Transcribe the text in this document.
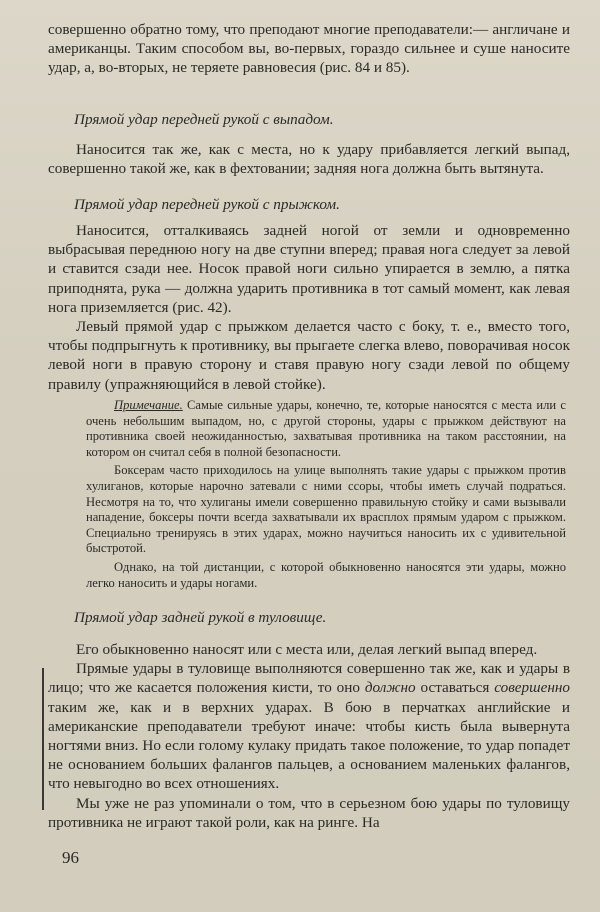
совершенно обратно тому, что преподают многие преподаватели:— англичане и американцы. Таким способом вы, во-первых, гораздо сильнее и суше наносите удар, а, во-вторых, не теряете равновесия (рис. 84 и 85).

Прямой удар передней рукой с выпадом.

Наносится так же, как с места, но к удару прибавляется легкий выпад, совершенно такой же, как в фехтовании; задняя нога должна быть вытянута.

Прямой удар передней рукой с прыжком.

Наносится, отталкиваясь задней ногой от земли и одновременно выбрасывая переднюю ногу на две ступни вперед; правая нога следует за левой и ставится сзади нее. Носок правой ноги сильно упирается в землю, а пятка приподнята, рука — должна ударить противника в тот самый момент, как левая нога приземляется (рис. 42).

Левый прямой удар с прыжком делается часто с боку, т. е., вместо того, чтобы подпрыгнуть к противнику, вы прыгаете слегка влево, поворачивая носок левой ноги в правую сторону и ставя правую ногу сзади левой по общему правилу (упражняющийся в левой стойке).

Примечание. Самые сильные удары, конечно, те, которые наносятся с места или с очень небольшим выпадом, но, с другой стороны, удары с прыжком действуют на противника своей неожиданностью, захватывая противника на таком расстоянии, на котором он считал себя в полной безопасности.

Боксерам часто приходилось на улице выполнять такие удары с прыжком против хулиганов, которые нарочно затевали с ними ссоры, чтобы иметь случай подраться. Несмотря на то, что хулиганы имели совершенно правильную стойку и сами вызывали нападение, боксеры почти всегда захватывали их врасплох прямым ударом с прыжком. Специально тренируясь в этих ударах, можно научиться наносить их с удивительной быстротой.

Однако, на той дистанции, с которой обыкновенно наносятся эти удары, можно легко наносить и удары ногами.

Прямой удар задней рукой в туловище.

Его обыкновенно наносят или с места или, делая легкий выпад вперед.

Прямые удары в туловище выполняются совершенно так же, как и удары в лицо; что же касается положения кисти, то оно должно оставаться совершенно таким же, как и в верхних ударах. В бою в перчатках английские и американские преподаватели требуют иначе: чтобы кисть была вывернута ногтями вниз. Но если голому кулаку придать такое положение, то удар попадет не основанием больших фалангов пальцев, а основанием маленьких фалангов, что невыгодно во всех отношениях.

Мы уже не раз упоминали о том, что в серьезном бою удары по туловищу противника не играют такой роли, как на ринге. На

96
